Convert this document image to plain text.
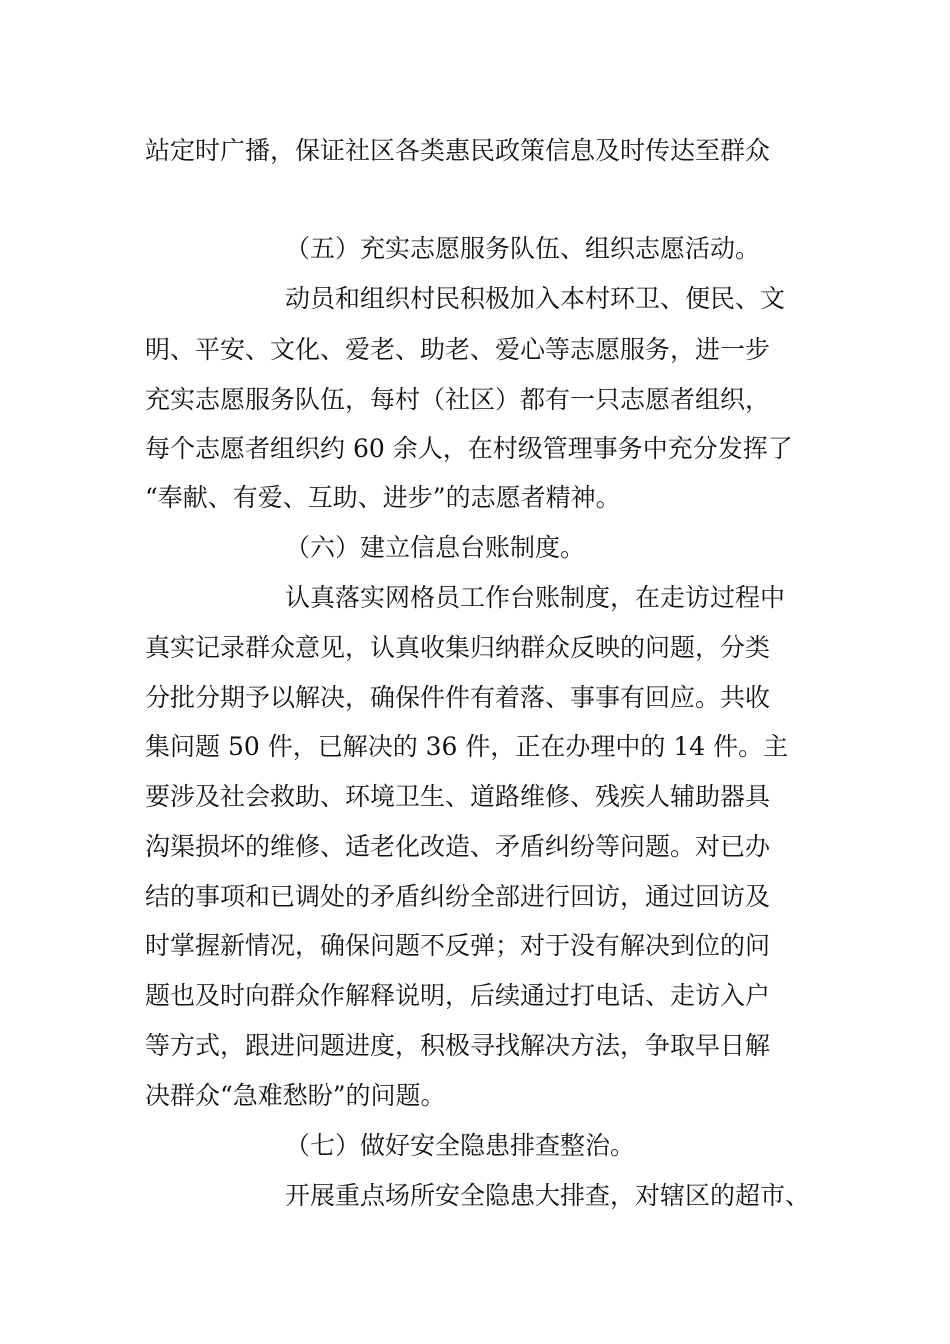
站定时广播，保证社区各类惠民政策信息及时传达至群众
（五）充实志愿服务队伍、组织志愿活动。
动员和组织村民积极加入本村环卫、便民、文
明、平安、文化、爱老、助老、爱心等志愿服务，进一步
充实志愿服务队伍，每村（社区）都有一只志愿者组织，
每个志愿者组织约 60 余人，在村级管理事务中充分发挥了
“奉献、有爱、互助、进步”的志愿者精神。
（六）建立信息台账制度。
认真落实网格员工作台账制度，在走访过程中
真实记录群众意见，认真收集归纳群众反映的问题，分类
分批分期予以解决，确保件件有着落、事事有回应。共收
集问题 50 件，已解决的 36 件，正在办理中的 14 件。主
要涉及社会救助、环境卫生、道路维修、残疾人辅助器具
沟渠损坏的维修、适老化改造、矛盾纠纷等问题。对已办
结的事项和已调处的矛盾纠纷全部进行回访，通过回访及
时掌握新情况，确保问题不反弹；对于没有解决到位的问
题也及时向群众作解释说明，后续通过打电话、走访入户
等方式，跟进问题进度，积极寻找解决方法，争取早日解
决群众“急难愁盼”的问题。
（七）做好安全隐患排查整治。
开展重点场所安全隐患大排查，对辖区的超市、
